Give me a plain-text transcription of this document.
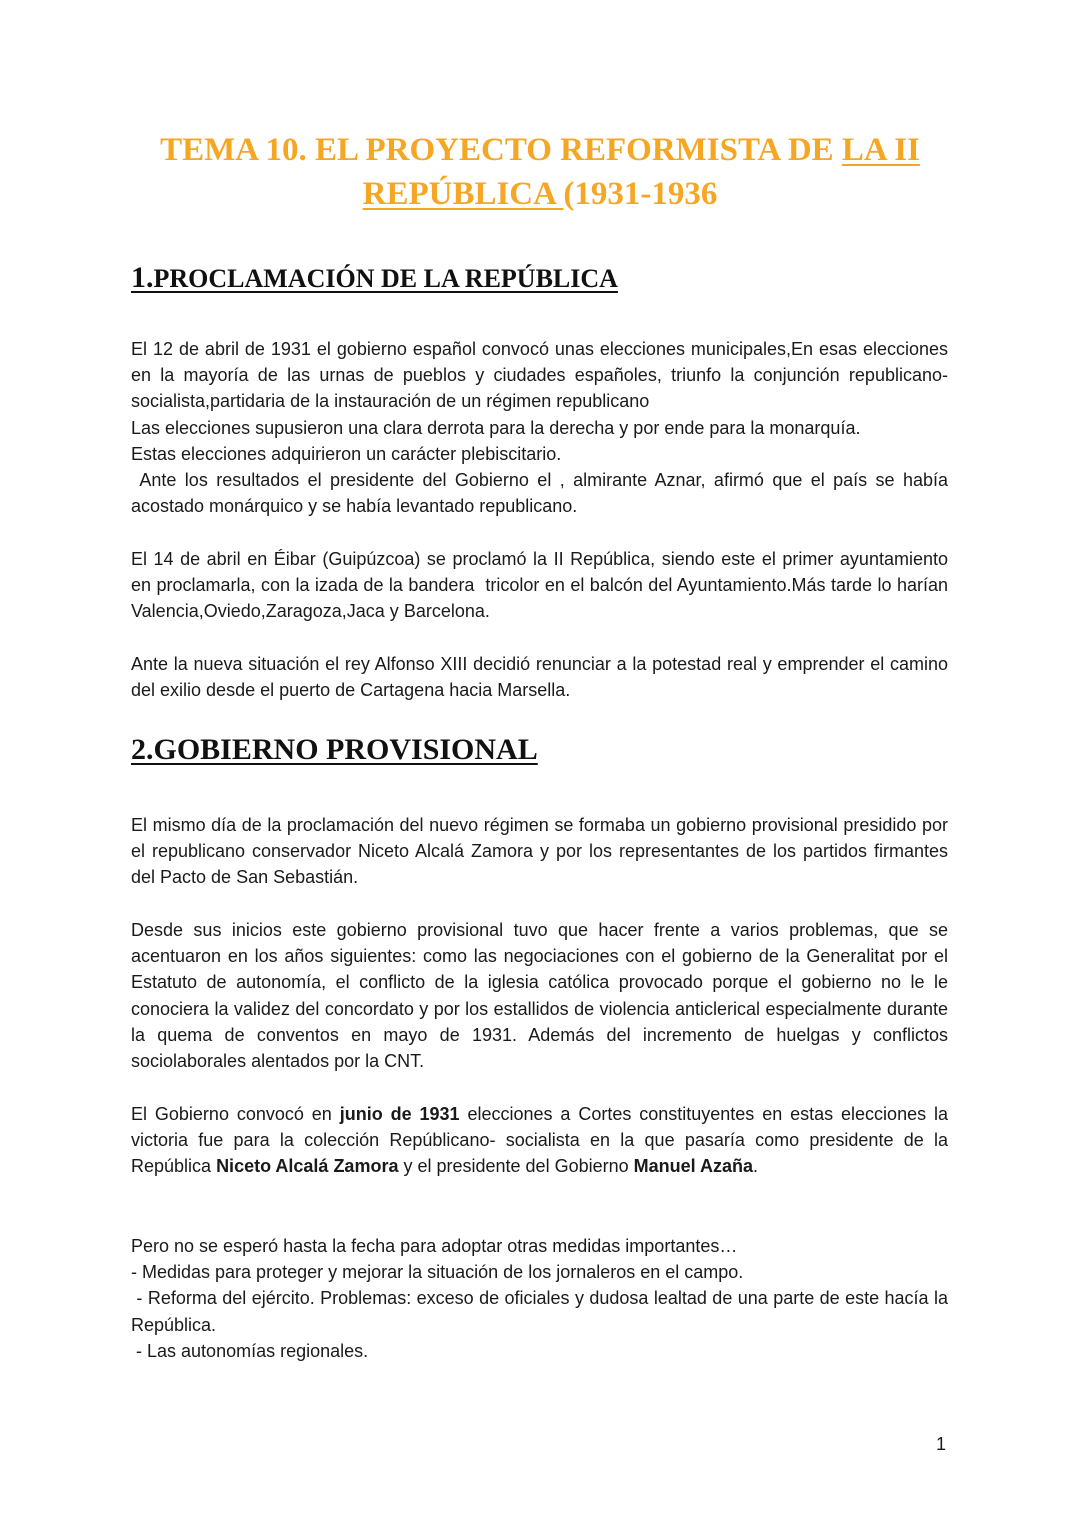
TEMA 10. EL PROYECTO REFORMISTA DE LA II
REPÚBLICA (1931-1936
1.PROCLAMACIÓN DE LA REPÚBLICA

El 12 de abril de 1931 el gobierno español convocó unas elecciones municipales,En esas elecciones en la mayoría de las urnas de pueblos y ciudades españoles, triunfo la conjunción republicano-socialista,partidaria de la instauración de un régimen republicano
Las elecciones supusieron una clara derrota para la derecha y por ende para la monarquía.
Estas elecciones adquirieron un carácter plebiscitario.
Ante los resultados el presidente del Gobierno el , almirante Aznar, afirmó que el país se había acostado monárquico y se había levantado republicano.

El 14 de abril en Éibar (Guipúzcoa) se proclamó la II República, siendo este el primer ayuntamiento en proclamarla, con la izada de la bandera  tricolor en el balcón del Ayuntamiento.Más tarde lo harían Valencia,Oviedo,Zaragoza,Jaca y Barcelona.

Ante la nueva situación el rey Alfonso XIII decidió renunciar a la potestad real y emprender el camino del exilio desde el puerto de Cartagena hacia Marsella.

2.GOBIERNO PROVISIONAL

El mismo día de la proclamación del nuevo régimen se formaba un gobierno provisional presidido por el republicano conservador Niceto Alcalá Zamora y por los representantes de los partidos firmantes del Pacto de San Sebastián.

Desde sus inicios este gobierno provisional tuvo que hacer frente a varios problemas, que se acentuaron en los años siguientes: como las negociaciones con el gobierno de la Generalitat por el Estatuto de autonomía, el conflicto de la iglesia católica provocado porque el gobierno no le le conociera la validez del concordato y por los estallidos de violencia anticlerical especialmente durante la quema de conventos en mayo de 1931. Además del incremento de huelgas y conflictos sociolaborales alentados por la CNT.

El Gobierno convocó en junio de 1931 elecciones a Cortes constituyentes en estas elecciones la victoria fue para la colección Repúblicano- socialista en la que pasaría como presidente de la República Niceto Alcalá Zamora y el presidente del Gobierno Manuel Azaña.

Pero no se esperó hasta la fecha para adoptar otras medidas importantes…
- Medidas para proteger y mejorar la situación de los jornaleros en el campo.
- Reforma del ejército. Problemas: exceso de oficiales y dudosa lealtad de una parte de este hacía la República.
- Las autonomías regionales.

1
